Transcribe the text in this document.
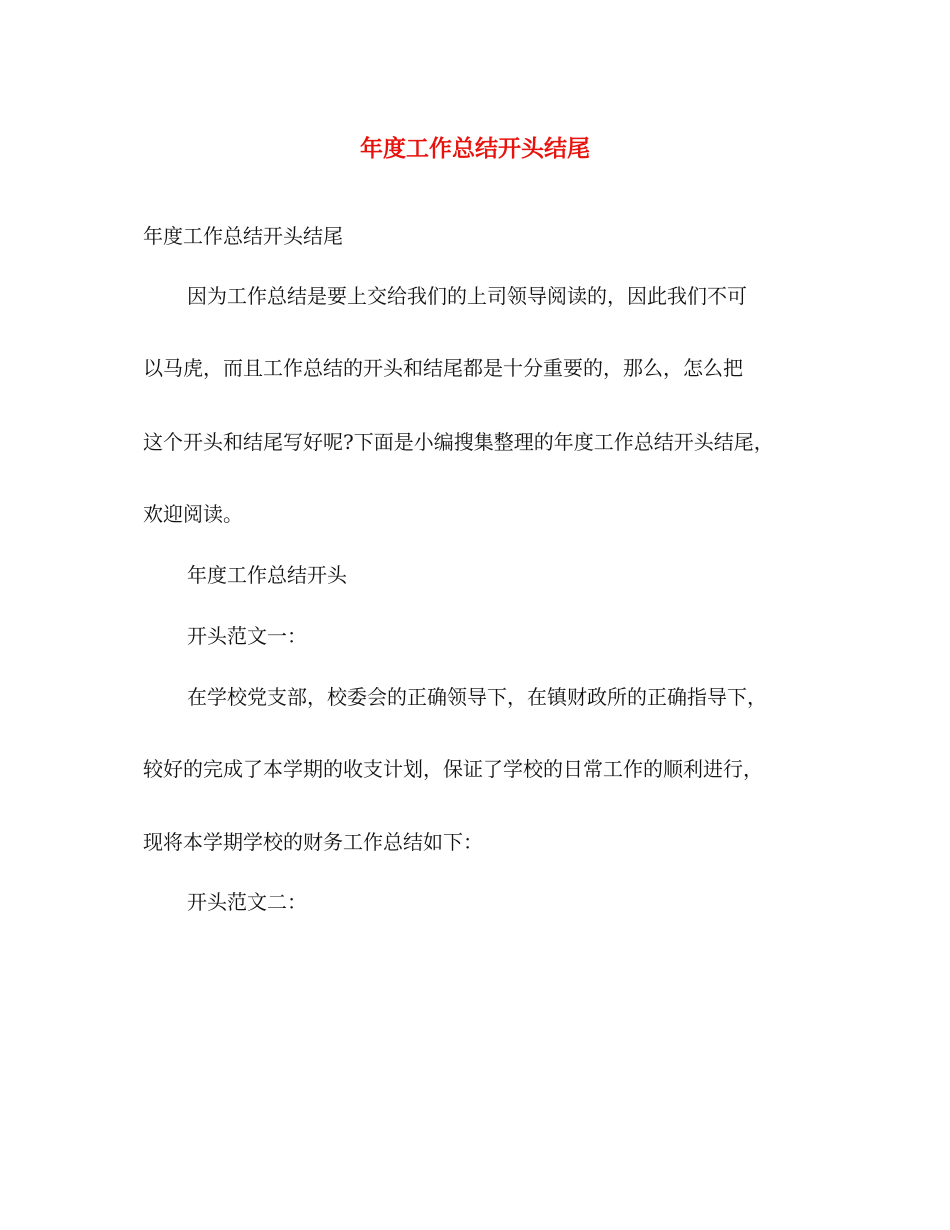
年度工作总结开头结尾
年度工作总结开头结尾
因为工作总结是要上交给我们的上司领导阅读的，因此我们不可
以马虎，而且工作总结的开头和结尾都是十分重要的，那么，怎么把
这个开头和结尾写好呢?下面是小编搜集整理的年度工作总结开头结尾，
欢迎阅读。
年度工作总结开头
开头范文一：
在学校党支部，校委会的正确领导下，在镇财政所的正确指导下，
较好的完成了本学期的收支计划，保证了学校的日常工作的顺利进行，
现将本学期学校的财务工作总结如下：
开头范文二：
